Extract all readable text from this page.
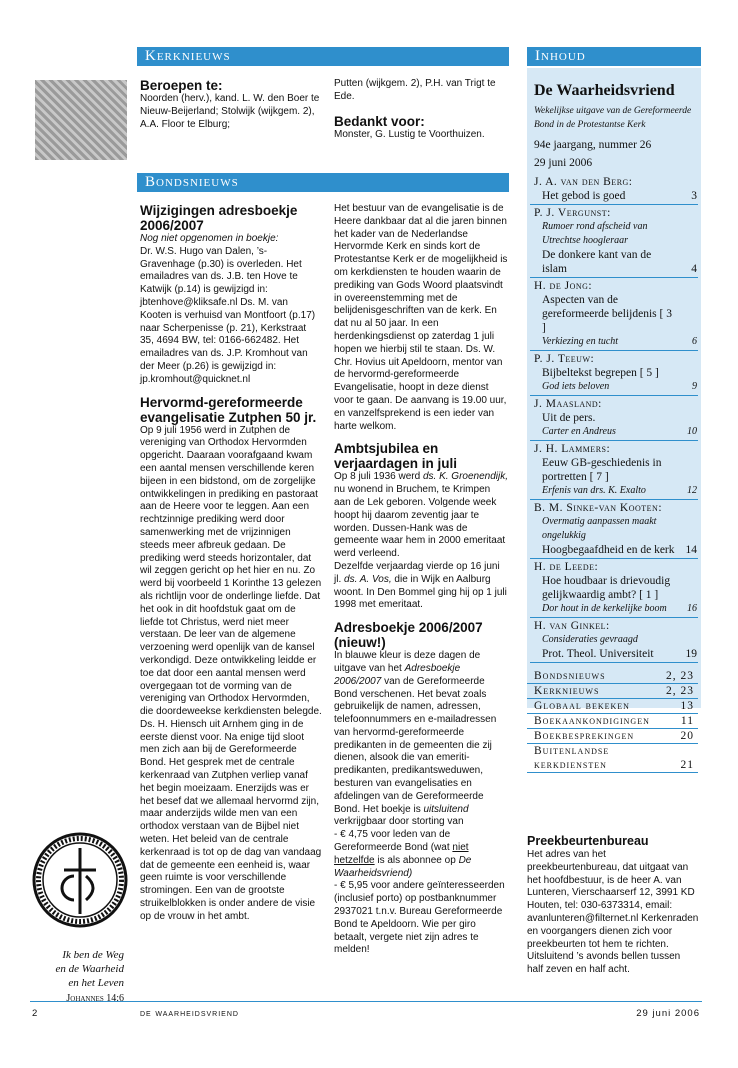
Kerknieuws

Beroepen te:

Noorden (herv.), kand. L. W. den Boer te Nieuw-Beijerland; Stolwijk (wijkgem. 2), A.A. Floor te Elburg;

Putten (wijkgem. 2), P.H. van Trigt te Ede.

Bedankt voor:

Monster, G. Lustig te Voorthuizen.

Bondsnieuws

Wijzigingen adresboekje 2006/2007

Nog niet opgenomen in boekje:

Dr. W.S. Hugo van Dalen, ’s-Gravenhage (p.30) is overleden. Het emailadres van ds. J.B. ten Hove te Katwijk (p.14) is gewijzigd in: jbtenhove@kliksafe.nl Ds. M. van Kooten is verhuisd van Montfoort (p.17) naar Scherpenisse (p. 21), Kerkstraat 35, 4694 BW, tel: 0166-662482. Het emailadres van ds. J.P. Kromhout van der Meer (p.26) is gewijzigd in: jp.kromhout@quicknet.nl

Hervormd-gereformeerde evangelisatie Zutphen 50 jr.

Op 9 juli 1956 werd in Zutphen de vereniging van Orthodox Hervormden opgericht. Daaraan voorafgaand kwam een aantal mensen verschillende keren bijeen in een bidstond, om de zorgelijke ontwikkelingen in prediking en pastoraat aan de Heere voor te leggen. Aan een rechtzinnige prediking werd door samenwerking met de vrijzinnigen steeds meer afbreuk gedaan. De prediking werd steeds horizontaler, dat wil zeggen gericht op het hier en nu. Zo werd bij voorbeeld 1 Korinthe 13 gelezen als richtlijn voor de onderlinge liefde. Dat het ook in dit hoofdstuk gaat om de liefde tot Christus, werd niet meer verstaan. De leer van de algemene verzoening werd openlijk van de kansel verkondigd. Deze ontwikkeling leidde er toe dat door een aantal mensen werd overgegaan tot de vorming van de vereniging van Orthodox Hervormden, die doordeweekse kerkdiensten belegde. Ds. H. Hiensch uit Arnhem ging in de eerste dienst voor. Na enige tijd sloot men zich aan bij de Gereformeerde Bond. Het gesprek met de centrale kerkenraad van Zutphen verliep vanaf het begin moeizaam. Enerzijds was er het besef dat we allemaal hervormd zijn, maar anderzijds wilde men van een orthodox verstaan van de Bijbel niet weten. Het beleid van de centrale kerkenraad is tot op de dag van vandaag dat de gemeente een eenheid is, waar geen ruimte is voor verschillende stromingen. Een van de grootste struikelblokken is onder andere de visie op de vrouw in het ambt.

Het bestuur van de evangelisatie is de Heere dankbaar dat al die jaren binnen het kader van de Nederlandse Hervormde Kerk en sinds kort de Protestantse Kerk er de mogelijkheid is om kerkdiensten te houden waarin de prediking van Gods Woord plaatsvindt in overeenstemming met de belijdenisgeschriften van de kerk. En dat nu al 50 jaar. In een herdenkingsdienst op zaterdag 1 juli hopen we hierbij stil te staan. Ds. W. Chr. Hovius uit Apeldoorn, mentor van de hervormd-gereformeerde Evangelisatie, hoopt in deze dienst voor te gaan. De aanvang is 19.00 uur, en vanzelfsprekend is een ieder van harte welkom.

Ambtsjubilea en verjaardagen in juli

Op 8 juli 1936 werd ds. K. Groenendijk, nu wonend in Bruchem, te Krimpen aan de Lek geboren. Volgende week hoopt hij daarom zeventig jaar te worden. Dussen-Hank was de gemeente waar hem in 2000 emeritaat werd verleend.

Dezelfde verjaardag vierde op 16 juni jl. ds. A. Vos, die in Wijk en Aalburg woont. In Den Bommel ging hij op 1 juli 1998 met emeritaat.

Adresboekje 2006/2007 (nieuw!)

In blauwe kleur is deze dagen de uitgave van het Adresboekje 2006/2007 van de Gereformeerde Bond verschenen. Het bevat zoals gebruikelijk de namen, adressen, telefoonnummers en e-mailadressen van hervormd-gereformeerde predikanten in de gemeenten die zij dienen, alsook die van emeriti-predikanten, predikantsweduwen, besturen van evangelisaties en afdelingen van de Gereformeerde Bond. Het boekje is uitsluitend verkrijgbaar door storting van

- € 4,75 voor leden van de Gereformeerde Bond (wat niet hetzelfde is als abonnee op De Waarheidsvriend)

- € 5,95 voor andere geïnteresseerden (inclusief porto) op postbanknummer 2937021 t.n.v. Bureau Gereformeerde Bond te Apeldoorn. Wie per giro betaalt, vergete niet zijn adres te melden!

Ik ben de Weg
en de Waarheid
en het Leven
Johannes 14:6
Inhoud
De Waarheidsvriend
Wekelijkse uitgave van de Gereformeerde Bond in de Protestantse Kerk
94e jaargang, nummer 26
29 juni 2006
J. A. van den Berg:
Het gebod is goed	3
P. J. Vergunst:
Rumoer rond afscheid van Utrechtse hoogleraar
De donkere kant van de islam	4
H. de Jong:
Aspecten van de gereformeerde belijdenis [ 3 ]
Verkiezing en tucht	6
P. J. Teeuw:
Bijbeltekst begrepen [ 5 ]
God iets beloven	9
J. Maasland:
Uit de pers.
Carter en Andreus	10
J. H. Lammers:
Eeuw GB-geschiedenis in portretten [ 7 ]
Erfenis van drs. K. Exalto	12
B. M. Sinke-van Kooten:
Overmatig aanpassen maakt ongelukkig
Hoogbegaafdheid en de kerk 14
H. de Leede:
Hoe houdbaar is drievoudig gelijkwaardig ambt? [ 1 ]
Dor hout in de kerkelijke boom 16
H. van Ginkel:
Consideraties gevraagd
Prot. Theol. Universiteit	19
Bondsnieuws	2, 23
Kerknieuws	2, 23
Globaal bekeken	13
Boekaankondigingen	11
Boekbesprekingen	20
Buitenlandse kerkdiensten	21

Preekbeurtenbureau

Het adres van het preekbeurtenbureau, dat uitgaat van het hoofdbestuur, is de heer A. van Lunteren, Vierschaarserf 12, 3991 KD Houten, tel: 030-6373314, email: avanlunteren@filternet.nl Kerkenraden en voorgangers dienen zich voor preekbeurten tot hem te richten. Uitsluitend ’s avonds bellen tussen half zeven en half acht.

2	de waarheidsvriend	29 juni 2006
